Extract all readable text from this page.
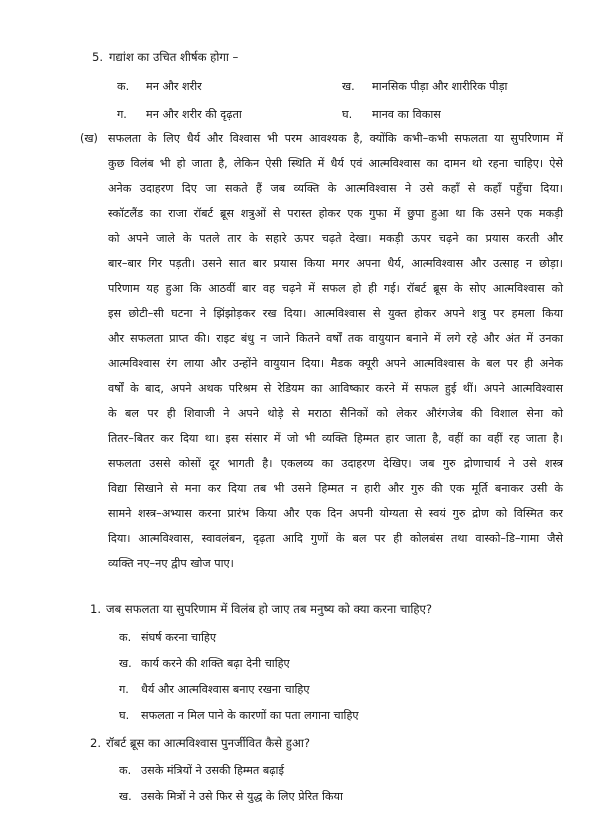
5. गद्यांश का उचित शीर्षक होगा –
क. मन और शरीर	ख. मानसिक पीड़ा और शारीरिक पीड़ा
ग. मन और शरीर की दृढ़ता	घ. मानव का विकास
(ख) सफलता के लिए धैर्य और विश्वास भी परम आवश्यक है, क्योंकि कभी–कभी सफलता या सुपरिणाम में
कुछ विलंब भी हो जाता है, लेकिन ऐसी स्थिति में धैर्य एवं आत्मविश्वास का दामन थो रहना चाहिए। ऐसे
अनेक उदाहरण दिए जा सकते हैं जब व्यक्ति के आत्मविश्वास ने उसे कहाँ से कहाँ पहुँचा दिया।
स्कॉटलैंड का राजा रॉबर्ट ब्रूस शत्रुओं से परास्त होकर एक गुफा में छुपा हुआ था कि उसने एक मकड़ी
को अपने जाले के पतले तार के सहारे ऊपर चढ़ते देखा। मकड़ी ऊपर चढ़ने का प्रयास करती और
बार–बार गिर पड़ती। उसने सात बार प्रयास किया मगर अपना धैर्य, आत्मविश्वास और उत्साह न छोड़ा।
परिणाम यह हुआ कि आठवीं बार वह चढ़ने में सफल हो ही गई। रॉबर्ट ब्रूस के सोए आत्मविश्वास को
इस छोटी–सी घटना ने झिंझोड़कर रख दिया। आत्मविश्वास से युक्त होकर अपने शत्रु पर हमला किया
और सफलता प्राप्त की। राइट बंधु न जाने कितने वर्षों तक वायुयान बनाने में लगे रहे और अंत में उनका
आत्मविश्वास रंग लाया और उन्होंने वायुयान दिया। मैडक क्यूरी अपने आत्मविश्वास के बल पर ही अनेक
वर्षों के बाद, अपने अथक परिश्रम से रेडियम का आविष्कार करने में सफल हुई थीं। अपने आत्मविश्वास
के बल पर ही शिवाजी ने अपने थोड़े से मराठा सैनिकों को लेकर औरंगजेब की विशाल सेना को
तितर–बितर कर दिया था। इस संसार में जो भी व्यक्ति हिम्मत हार जाता है, वहीं का वहीं रह जाता है।
सफलता उससे कोसों दूर भागती है। एकलव्य का उदाहरण देखिए। जब गुरु द्रोणाचार्य ने उसे शस्त्र
विद्या सिखाने से मना कर दिया तब भी उसने हिम्मत न हारी और गुरु की एक मूर्ति बनाकर उसी के
सामने शस्त्र–अभ्यास करना प्रारंभ किया और एक दिन अपनी योग्यता से स्वयं गुरु द्रोण को विस्मित कर
दिया। आत्मविश्वास, स्वावलंबन, दृढ़ता आदि गुणों के बल पर ही कोलबंस तथा वास्को–डि–गामा जैसे
व्यक्ति नए–नए द्वीप खोज पाए।
1. जब सफलता या सुपरिणाम में विलंब हो जाए तब मनुष्य को क्या करना चाहिए?
क. संघर्ष करना चाहिए
ख. कार्य करने की शक्ति बढ़ा देनी चाहिए
ग. धैर्य और आत्मविश्वास बनाए रखना चाहिए
घ. सफलता न मिल पाने के कारणों का पता लगाना चाहिए
2. रॉबर्ट ब्रूस का आत्मविश्वास पुनर्जीवित कैसे हुआ?
क. उसके मंत्रियों ने उसकी हिम्मत बढ़ाई
ख. उसके मित्रों ने उसे फिर से युद्ध के लिए प्रेरित किया
